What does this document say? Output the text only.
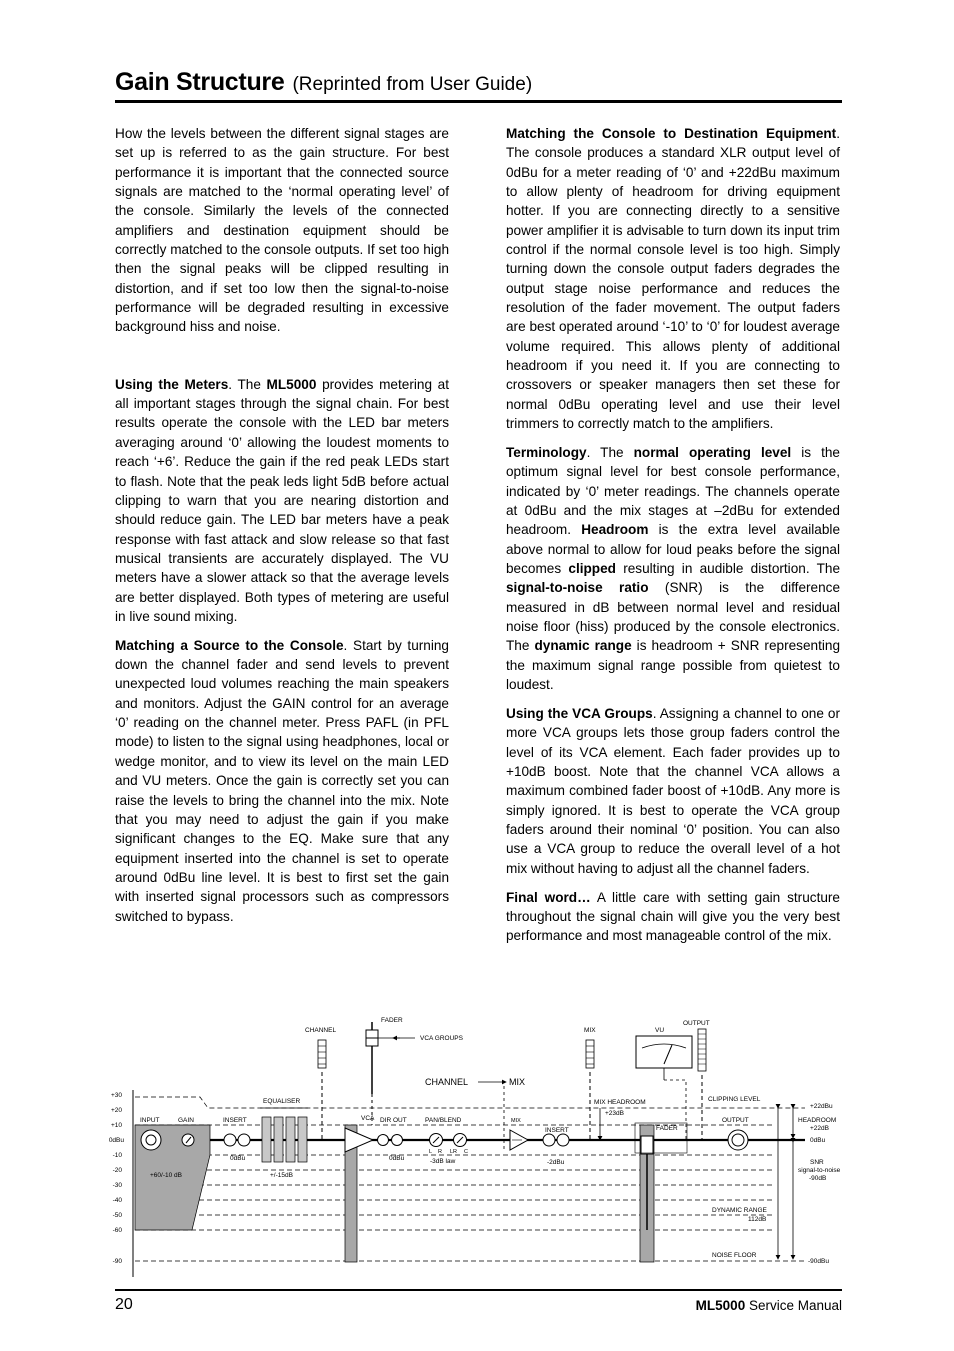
Gain Structure (Reprinted from User Guide)

How the levels between the different signal stages are set up is referred to as the gain structure. For best performance it is important that the connected source signals are matched to the ‘normal operating level’ of the console. Similarly the levels of the connected amplifiers and destination equipment should be correctly matched to the console outputs. If set too high then the signal peaks will be clipped resulting in distortion, and if set too low then the signal-to-noise performance will be degraded resulting in excessive background hiss and noise.

Using the Meters. The ML5000 provides metering at all important stages through the signal chain. For best results operate the console with the LED bar meters averaging around ‘0’ allowing the loudest moments to reach ‘+6’. Reduce the gain if the red peak LEDs start to flash. Note that the peak leds light 5dB before actual clipping to warn that you are nearing distortion and should reduce gain. The LED bar meters have a peak response with fast attack and slow release so that fast musical transients are accurately displayed. The VU meters have a slower attack so that the average levels are better displayed. Both types of metering are useful in live sound mixing.

Matching a Source to the Console. Start by turning down the channel fader and send levels to prevent unexpected loud volumes reaching the main speakers and monitors. Adjust the GAIN control for an average ‘0’ reading on the channel meter. Press PAFL (in PFL mode) to listen to the signal using headphones, local or wedge monitor, and to view its level on the main LED and VU meters. Once the gain is correctly set you can raise the levels to bring the channel into the mix. Note that you may need to adjust the gain if you make significant changes to the EQ. Make sure that any equipment inserted into the channel is set to operate around 0dBu line level. It is best to first set the gain with inserted signal processors such as compressors switched to bypass.

Matching the Console to Destination Equipment. The console produces a standard XLR output level of 0dBu for a meter reading of ‘0’ and +22dBu maximum to allow plenty of headroom for driving equipment hotter. If you are connecting directly to a sensitive power amplifier it is advisable to turn down its input trim control if the normal console level is too high. Simply turning down the console output faders degrades the output stage noise performance and reduces the resolution of the fader movement. The output faders are best operated around ‘-10’ to ‘0’ for loudest average volume required. This allows plenty of additional headroom if you need it. If you are connecting to crossovers or speaker managers then set these for normal 0dBu operating level and use their level trimmers to correctly match to the amplifiers.

Terminology. The normal operating level is the optimum signal level for best console performance, indicated by ‘0’ meter readings. The channels operate at 0dBu and the mix stages at –2dBu for extended headroom. Headroom is the extra level available above normal to allow for loud peaks before the signal becomes clipped resulting in audible distortion. The signal-to-noise ratio (SNR) is the difference measured in dB between normal level and residual noise floor (hiss) produced by the console electronics. The dynamic range is headroom + SNR representing the maximum signal range possible from quietest to loudest.

Using the VCA Groups. Assigning a channel to one or more VCA groups lets those group faders control the level of its VCA element. Each fader provides up to +10dB boost. Note that the channel VCA allows a maximum combined fader boost of +10dB. Any more is simply ignored. It is best to operate the VCA group faders around their nominal ‘0’ position. You can also use a VCA group to reduce the overall level of a hot mix without having to adjust all the channel faders.

Final word… A little care with setting gain structure throughout the signal chain will give you the very best performance and most manageable control of the mix.

+30
+20
+10
0dBu
-10
-20
-30
-40
-50
-60
-90
CHANNEL
FADER
VCA GROUPS
MIX	VU
OUTPUT
CHANNEL	MIX
INPUT	GAIN
+60/-10 dB
INSERT
0dBu
EQUALISER
+/-15dB
VCA DIR OUT
0dBu
PAN/BLEND
L R LR C
-3dB law
MIX
INSERT
-2dBu
MIX HEADROOM
+23dB
FADER
CLIPPING LEVEL
OUTPUT
DYNAMIC RANGE
112dB
NOISE FLOOR
+22dBu
HEADROOM
+22dB
0dBu
SNR
signal-to-noise
-90dB
-90dBu
20	ML5000 Service Manual
